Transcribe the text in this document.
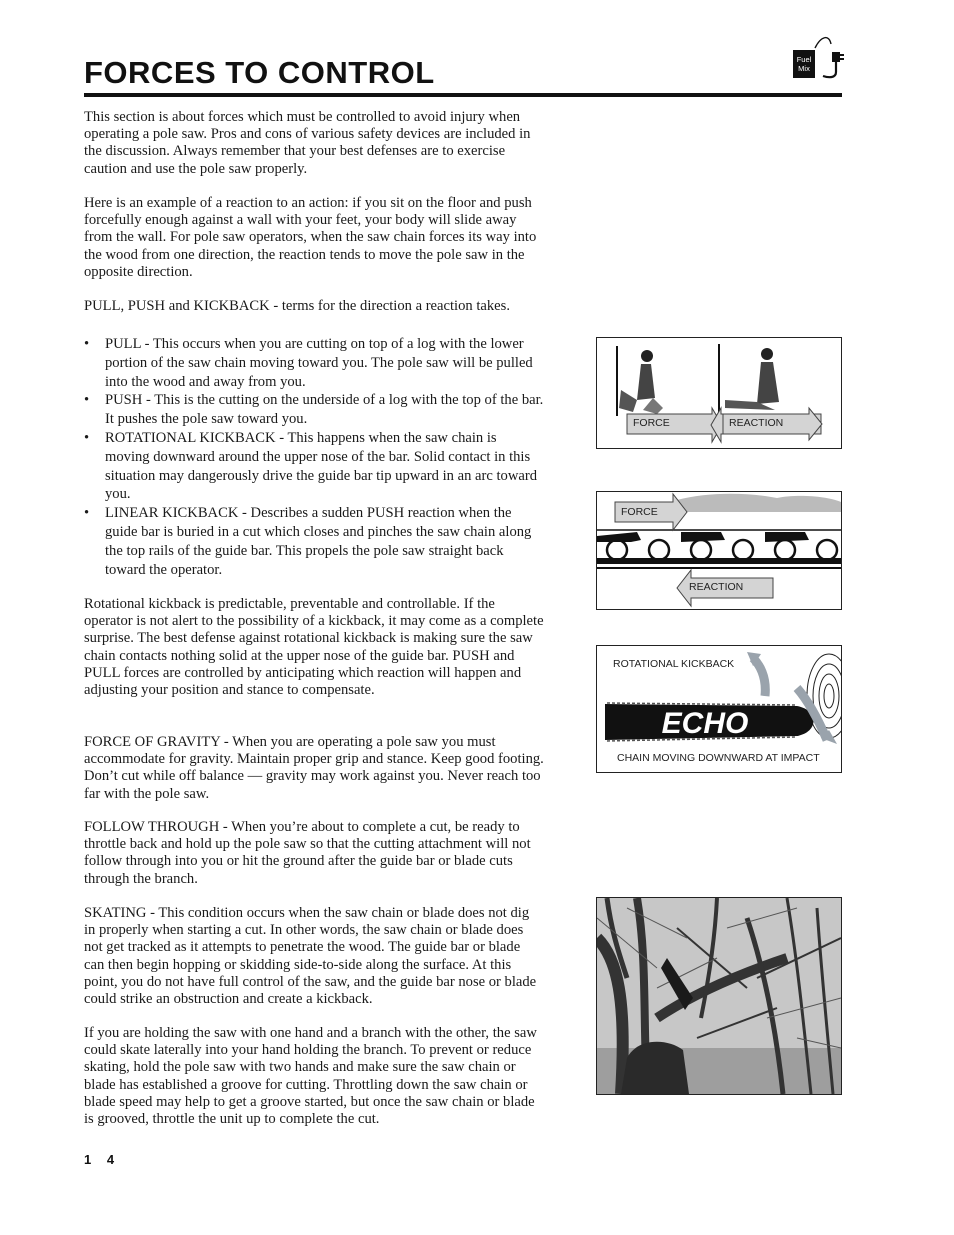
FORCES TO CONTROL	Fuel
Mix

This section is about forces which must be controlled to avoid injury when operating a pole saw. Pros and cons of various safety devices are included in the discussion. Always remember that your best defenses are to exercise caution and use the pole saw properly.

Here is an example of a reaction to an action: if you sit on the floor and push forcefully enough against a wall with your feet, your body will slide away from the wall. For pole saw operators, when the saw chain forces its way into the wood from one direction, the reaction tends to move the pole saw in the opposite direction.

PULL, PUSH and KICKBACK - terms for the direction a reaction takes.

• PULL - This occurs when you are cutting on top of a log with the lower portion of the saw chain moving toward you. The pole saw will be pulled into the wood and away from you.
• PUSH - This is the cutting on the underside of a log with the top of the bar. It pushes the pole saw toward you.
• ROTATIONAL KICKBACK - This happens when the saw chain is moving downward around the upper nose of the bar. Solid contact in this situation may dangerously drive the guide bar tip upward in an arc toward you.
• LINEAR KICKBACK - Describes a sudden PUSH reaction when the guide bar is buried in a cut which closes and pinches the saw chain along the top rails of the guide bar. This propels the pole saw straight back toward the operator.

Rotational kickback is predictable, preventable and controllable. If the operator is not alert to the possibility of a kickback, it may come as a complete surprise. The best defense against rotational kickback is making sure the saw chain contacts nothing solid at the upper nose of the guide bar. PUSH and PULL forces are controlled by anticipating which reaction will happen and adjusting your position and stance to compensate.

FORCE OF GRAVITY - When you are operating a pole saw you must accommodate for gravity. Maintain proper grip and stance. Keep good footing. Don’t cut while off balance — gravity may work against you. Never reach too far with the pole saw.

FOLLOW THROUGH - When you’re about to complete a cut, be ready to throttle back and hold up the pole saw so that the cutting attachment will not follow through into you or hit the ground after the guide bar or blade cuts through the branch.

SKATING - This condition occurs when the saw chain or blade does not dig in properly when starting a cut. In other words, the saw chain or blade does not get tracked as it attempts to penetrate the wood. The guide bar or blade can then begin hopping or skidding side-to-side along the surface. At this point, you do not have full control of the saw, and the guide bar nose or blade could strike an obstruction and create a kickback.

If you are holding the saw with one hand and a branch with the other, the saw could skate laterally into your hand holding the branch. To prevent or reduce skating, hold the pole saw with two hands and make sure the saw chain or blade has established a groove for cutting. Throttling down the saw chain or blade speed may help to get a groove started, but once the saw chain or blade is grooved, throttle the unit up to complete the cut.

1 4
FORCE	REACTION
FORCE
REACTION
ECHO
ROTATIONAL KICKBACK
CHAIN MOVING DOWNWARD AT IMPACT
